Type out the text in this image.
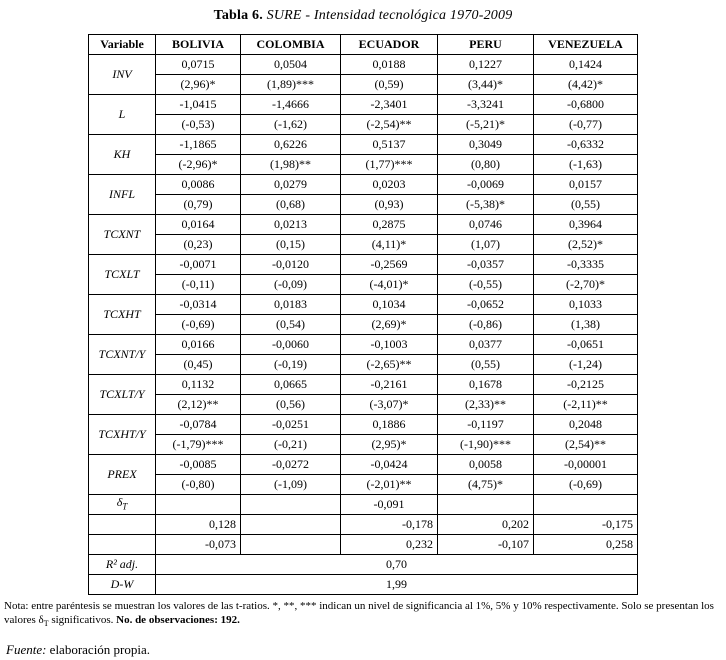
Tabla 6. SURE - Intensidad tecnológica 1970-2009
Variable	BOLIVIA	COLOMBIA	ECUADOR	PERU	VENEZUELA
INV	0,0715	0,0504	0,0188	0,1227	0,1424
	(2,96)*	(1,89)***	(0,59)	(3,44)*	(4,42)*
L	-1,0415	-1,4666	-2,3401	-3,3241	-0,6800
	(-0,53)	(-1,62)	(-2,54)**	(-5,21)*	(-0,77)
KH	-1,1865	0,6226	0,5137	0,3049	-0,6332
	(-2,96)*	(1,98)**	(1,77)***	(0,80)	(-1,63)
INFL	0,0086	0,0279	0,0203	-0,0069	0,0157
	(0,79)	(0,68)	(0,93)	(-5,38)*	(0,55)
TCXNT	0,0164	0,0213	0,2875	0,0746	0,3964
	(0,23)	(0,15)	(4,11)*	(1,07)	(2,52)*
TCXLT	-0,0071	-0,0120	-0,2569	-0,0357	-0,3335
	(-0,11)	(-0,09)	(-4,01)*	(-0,55)	(-2,70)*
TCXHT	-0,0314	0,0183	0,1034	-0,0652	0,1033
	(-0,69)	(0,54)	(2,69)*	(-0,86)	(1,38)
TCXNT/Y	0,0166	-0,0060	-0,1003	0,0377	-0,0651
	(0,45)	(-0,19)	(-2,65)**	(0,55)	(-1,24)
TCXLT/Y	0,1132	0,0665	-0,2161	0,1678	-0,2125
	(2,12)**	(0,56)	(-3,07)*	(2,33)**	(-2,11)**
TCXHT/Y	-0,0784	-0,0251	0,1886	-0,1197	0,2048
	(-1,79)***	(-0,21)	(2,95)*	(-1,90)***	(2,54)**
PREX	-0,0085	-0,0272	-0,0424	0,0058	-0,00001
	(-0,80)	(-1,09)	(-2,01)**	(4,75)*	(-0,69)
$\delta_T$			-0,091		
	0,128		-0,178	0,202	-0,175
	-0,073		0,232	-0,107	0,258
R² adj.	0,70				
D-W	1,99				
Nota: entre paréntesis se muestran los valores de las t-ratios. *, **, *** indican un nivel de significancia al 1%, 5% y 10% respectivamente. Solo se presentan los valores $\delta_T$ significativos. No. de observaciones: 192.
Fuente: elaboración propia.
